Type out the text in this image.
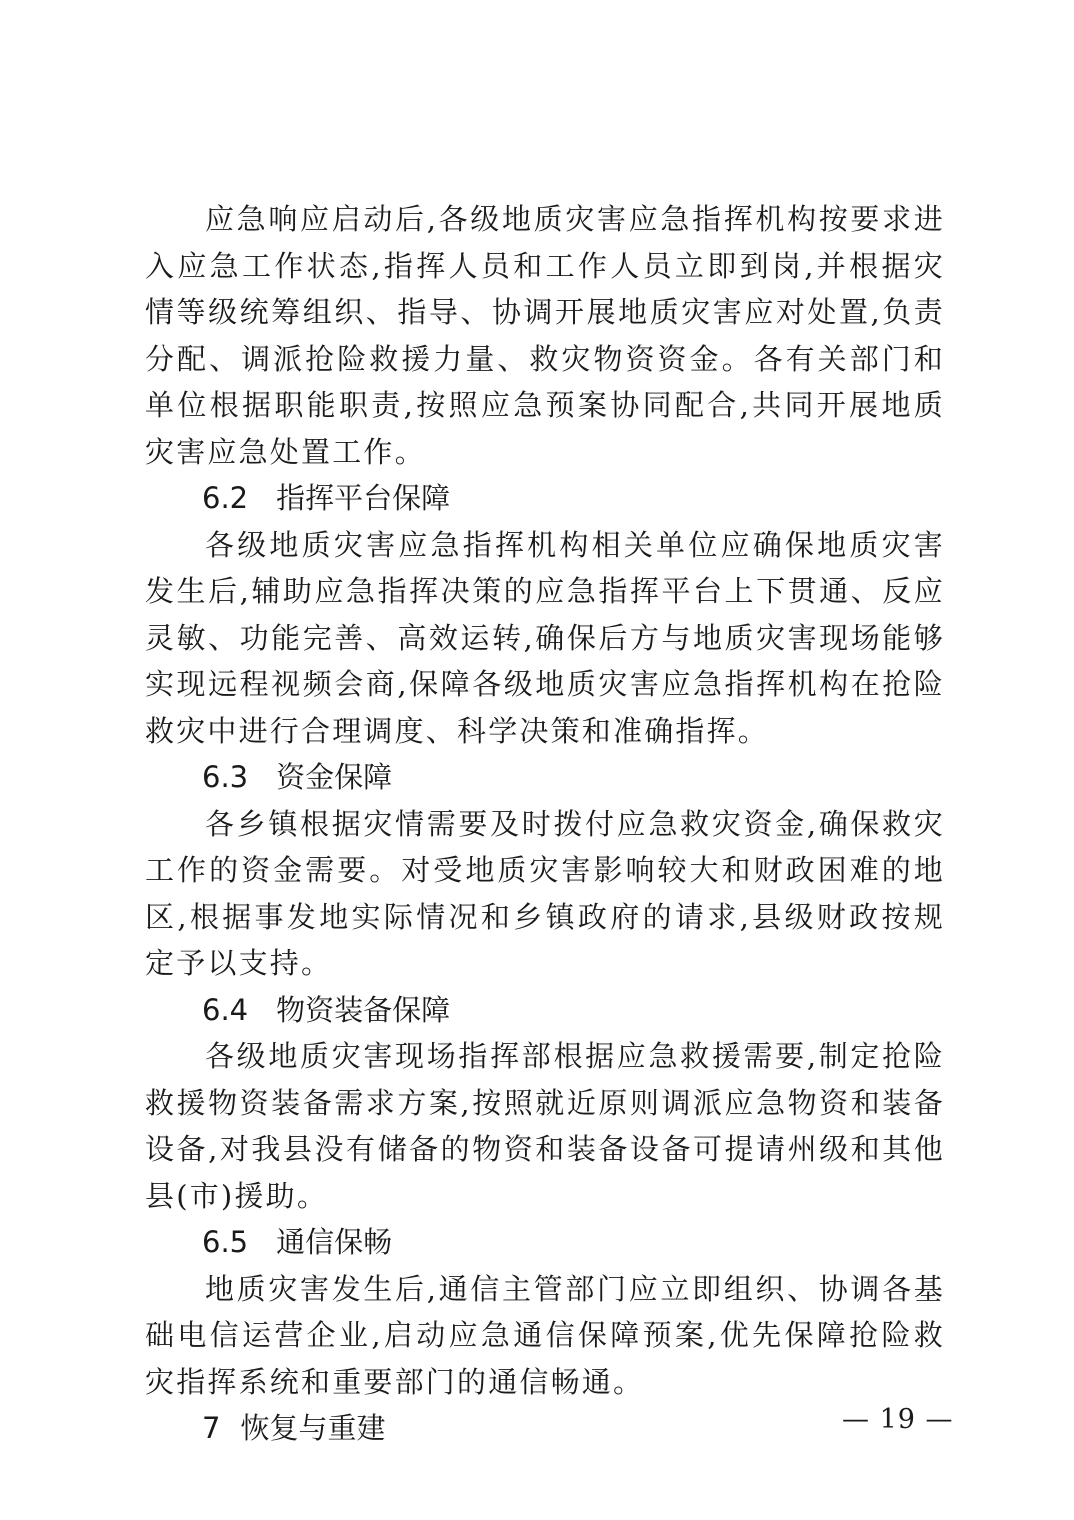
应急响应启动后,各级地质灾害应急指挥机构按要求进入应急工作状态,指挥人员和工作人员立即到岗,并根据灾情等级统筹组织、指导、协调开展地质灾害应对处置,负责分配、调派抢险救援力量、救灾物资资金。各有关部门和单位根据职能职责,按照应急预案协同配合,共同开展地质灾害应急处置工作。

6.2 指挥平台保障

各级地质灾害应急指挥机构相关单位应确保地质灾害发生后,辅助应急指挥决策的应急指挥平台上下贯通、反应灵敏、功能完善、高效运转,确保后方与地质灾害现场能够实现远程视频会商,保障各级地质灾害应急指挥机构在抢险救灾中进行合理调度、科学决策和准确指挥。

6.3 资金保障

各乡镇根据灾情需要及时拨付应急救灾资金,确保救灾工作的资金需要。对受地质灾害影响较大和财政困难的地区,根据事发地实际情况和乡镇政府的请求,县级财政按规定予以支持。

6.4 物资装备保障

各级地质灾害现场指挥部根据应急救援需要,制定抢险救援物资装备需求方案,按照就近原则调派应急物资和装备设备,对我县没有储备的物资和装备设备可提请州级和其他县(市)援助。

6.5 通信保畅

地质灾害发生后,通信主管部门应立即组织、协调各基础电信运营企业,启动应急通信保障预案,优先保障抢险救灾指挥系统和重要部门的通信畅通。

7 恢复与重建	— 19 —
